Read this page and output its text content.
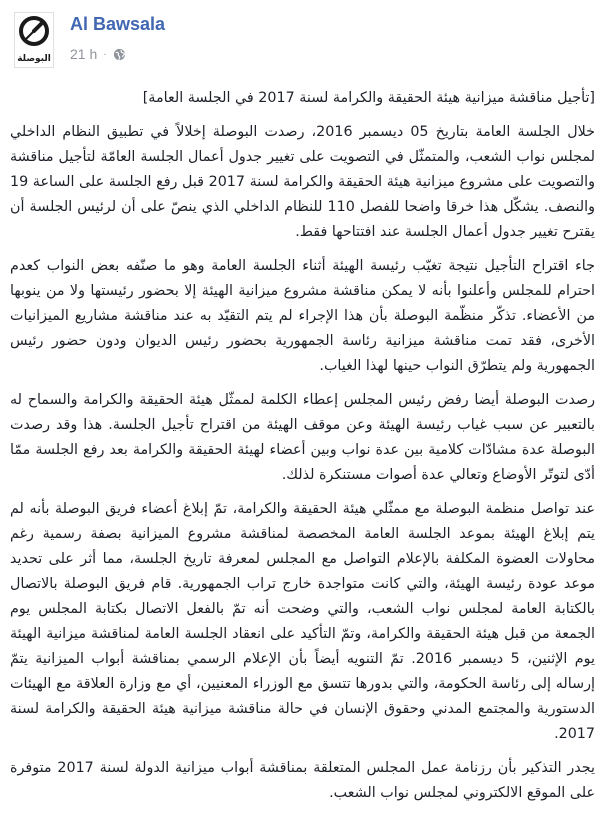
البوصلة
Al Bawsala
21 h ·

[تأجيل مناقشة ميزانية هيئة الحقيقة والكرامة لسنة 2017 في الجلسة العامة]

خلال الجلسة العامة بتاريخ 05 ديسمبر 2016، رصدت البوصلة إخلالاً في تطبيق النظام الداخلي لمجلس نواب الشعب، والمتمثّل في التصويت على تغيير جدول أعمال الجلسة العامّة لتأجيل مناقشة والتصويت على مشروع ميزانية هيئة الحقيقة والكرامة لسنة 2017 قبل رفع الجلسة على الساعة 19 والنصف. يشكّل هذا خرقا واضحا للفصل 110 للنظام الداخلي الذي ينصّ على أن لرئيس الجلسة أن يقترح تغيير جدول أعمال الجلسة عند افتتاحها فقط.

جاء اقتراح التأجيل نتيجة تغيّب رئيسة الهيئة أثناء الجلسة العامة وهو ما صنّفه بعض النواب كعدم احترام للمجلس وأعلنوا بأنه لا يمكن مناقشة مشروع ميزانية الهيئة إلا بحضور رئيستها ولا من ينوبها من الأعضاء. تذكّر منظّمة البوصلة بأن هذا الإجراء لم يتم التقيّد به عند مناقشة مشاريع الميزانيات الأخرى، فقد تمت مناقشة ميزانية رئاسة الجمهورية بحضور رئيس الديوان ودون حضور رئيس الجمهورية ولم يتطرّق النواب حينها لهذا الغياب.

رصدت البوصلة أيضا رفض رئيس المجلس إعطاء الكلمة لممثّل هيئة الحقيقة والكرامة والسماح له بالتعبير عن سبب غياب رئيسة الهيئة وعن موقف الهيئة من اقتراح تأجيل الجلسة. هذا وقد رصدت البوصلة عدة مشادّات كلامية بين عدة نواب وبين أعضاء لهيئة الحقيقة والكرامة بعد رفع الجلسة ممّا أدّى لتوتّر الأوضاع وتعالي عدة أصوات مستنكرة لذلك.

عند تواصل منظمة البوصلة مع ممثّلي هيئة الحقيقة والكرامة، تمّ إبلاغ أعضاء فريق البوصلة بأنه لم يتم إبلاغ الهيئة بموعد الجلسة العامة المخصصة لمناقشة مشروع الميزانية بصفة رسمية رغم محاولات العضوة المكلفة بالإعلام التواصل مع المجلس لمعرفة تاريخ الجلسة، مما أثر على تحديد موعد عودة رئيسة الهيئة، والتي كانت متواجدة خارج تراب الجمهورية. قام فريق البوصلة بالاتصال بالكتابة العامة لمجلس نواب الشعب، والتي وضحت أنه تمّ بالفعل الاتصال بكتابة المجلس يوم الجمعة من قبل هيئة الحقيقة والكرامة، وتمّ التأكيد على انعقاد الجلسة العامة لمناقشة ميزانية الهيئة يوم الإثنين، 5 ديسمبر 2016. تمّ التنويه أيضاً بأن الإعلام الرسمي بمناقشة أبواب الميزانية يتمّ إرساله إلى رئاسة الحكومة، والتي بدورها تتسق مع الوزراء المعنيين، أي مع وزارة العلاقة مع الهيئات الدستورية والمجتمع المدني وحقوق الإنسان في حالة مناقشة ميزانية هيئة الحقيقة والكرامة لسنة 2017.

يجدر التذكير بأن رزنامة عمل المجلس المتعلقة بمناقشة أبواب ميزانية الدولة لسنة 2017 متوفرة على الموقع الالكتروني لمجلس نواب الشعب.
